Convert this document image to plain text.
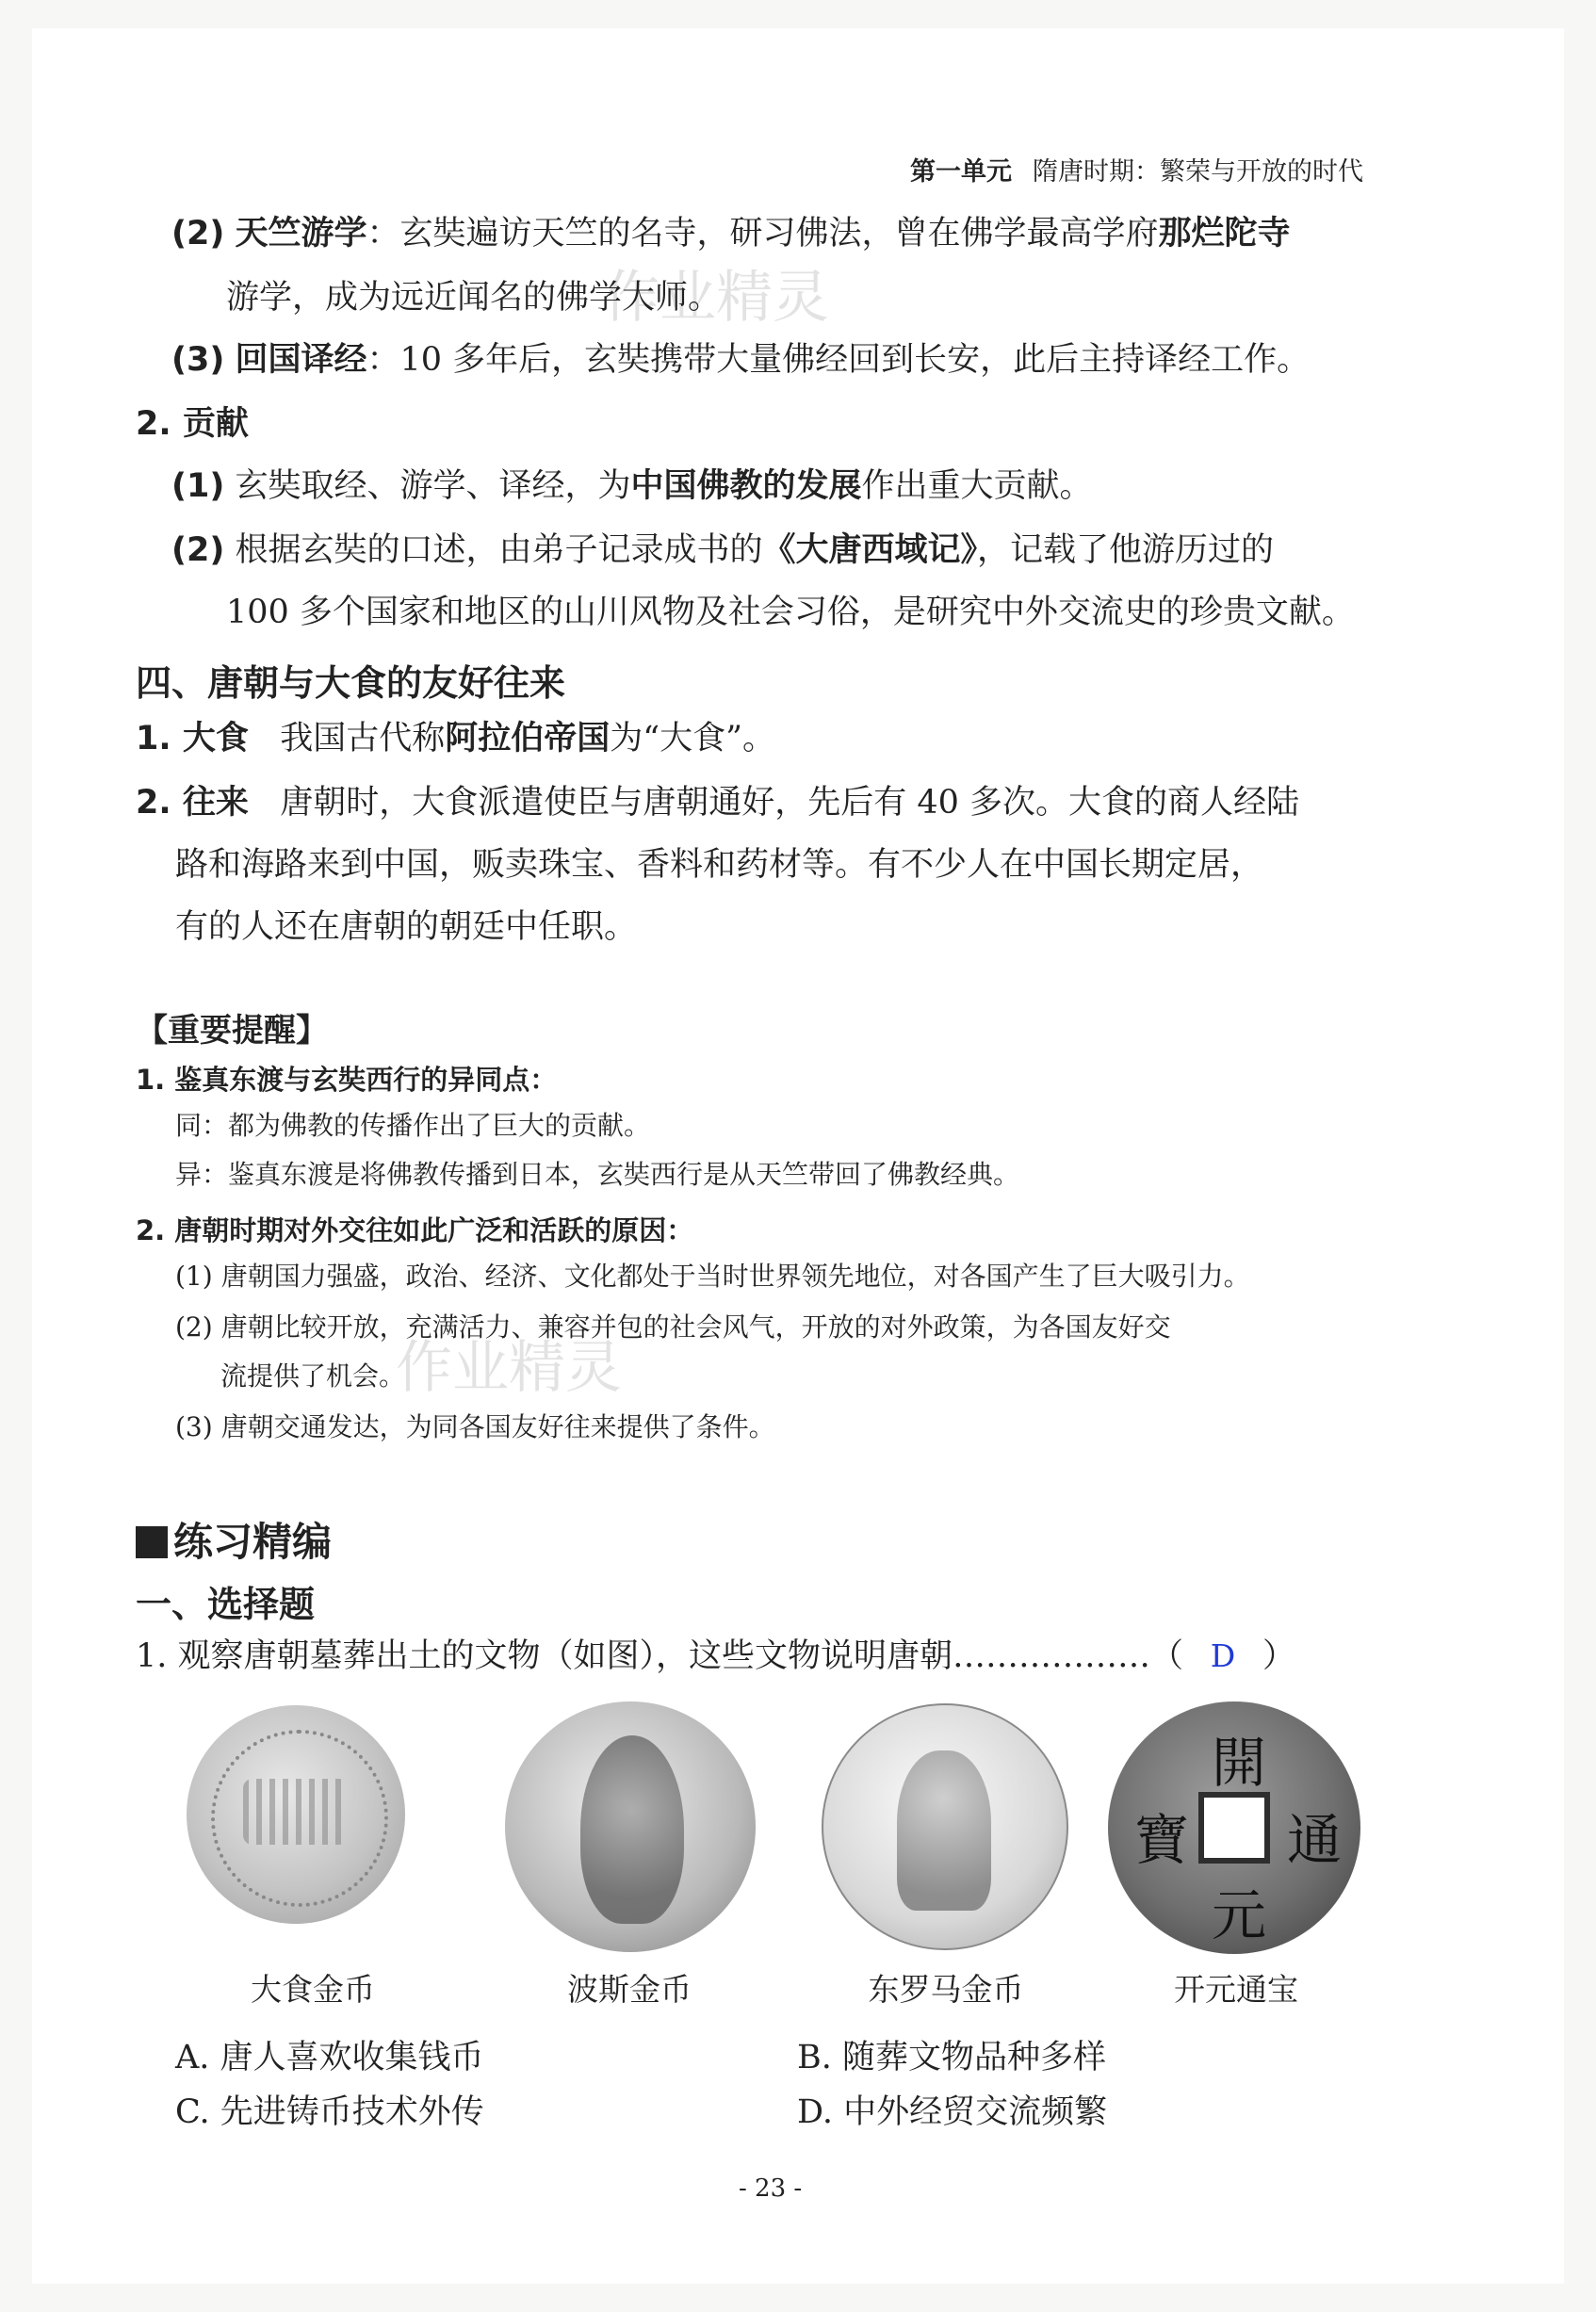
第一单元 隋唐时期：繁荣与开放的时代
作业精灵
(2) 天竺游学：玄奘遍访天竺的名寺，研习佛法，曾在佛学最高学府那烂陀寺
游学，成为远近闻名的佛学大师。
(3) 回国译经：10 多年后，玄奘携带大量佛经回到长安，此后主持译经工作。
2. 贡献
(1) 玄奘取经、游学、译经，为中国佛教的发展作出重大贡献。
(2) 根据玄奘的口述，由弟子记录成书的《大唐西域记》，记载了他游历过的
100 多个国家和地区的山川风物及社会习俗，是研究中外交流史的珍贵文献。
四、唐朝与大食的友好往来
1. 大食 我国古代称阿拉伯帝国为“大食”。
2. 往来 唐朝时，大食派遣使臣与唐朝通好，先后有 40 多次。大食的商人经陆
路和海路来到中国，贩卖珠宝、香料和药材等。有不少人在中国长期定居，
有的人还在唐朝的朝廷中任职。
【重要提醒】
1. 鉴真东渡与玄奘西行的异同点：
同：都为佛教的传播作出了巨大的贡献。
异：鉴真东渡是将佛教传播到日本，玄奘西行是从天竺带回了佛教经典。
2. 唐朝时期对外交往如此广泛和活跃的原因：
(1) 唐朝国力强盛，政治、经济、文化都处于当时世界领先地位，对各国产生了巨大吸引力。
(2) 唐朝比较开放，充满活力、兼容并包的社会风气，开放的对外政策，为各国友好交
流提供了机会。
作业精灵
(3) 唐朝交通发达，为同各国友好往来提供了条件。
练习精编
一、选择题
1. 观察唐朝墓葬出土的文物（如图），这些文物说明唐朝………………（ D ）
開
通
元
寶
大食金币	波斯金币	东罗马金币	开元通宝
A. 唐人喜欢收集钱币	B. 随葬文物品种多样
C. 先进铸币技术外传	D. 中外经贸交流频繁
- 23 -
